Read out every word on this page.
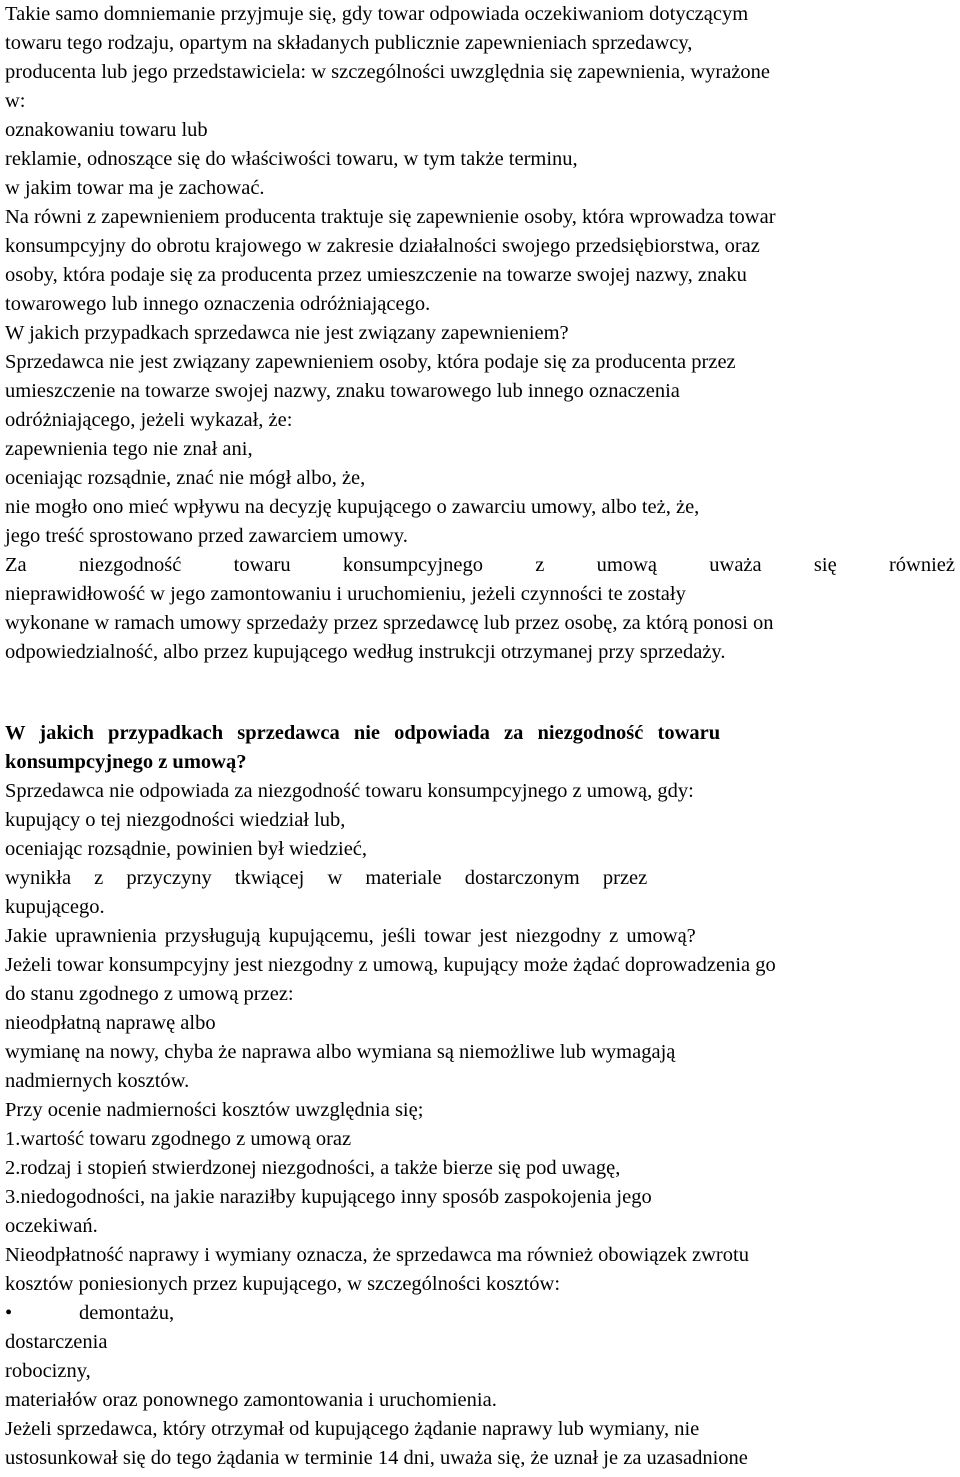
Takie samo domniemanie przyjmuje się, gdy towar odpowiada oczekiwaniom dotyczącym
towaru tego rodzaju, opartym na składanych publicznie zapewnieniach sprzedawcy,
producenta lub jego przedstawiciela: w szczególności uwzględnia się zapewnienia, wyrażone
w:
oznakowaniu towaru lub
reklamie, odnoszące się do właściwości towaru, w tym także terminu,
w jakim towar ma je zachować.
Na równi z zapewnieniem producenta traktuje się zapewnienie osoby, która wprowadza towar
konsumpcyjny do obrotu krajowego w zakresie działalności swojego przedsiębiorstwa, oraz
osoby, która podaje się za producenta przez umieszczenie na towarze swojej nazwy, znaku
towarowego lub innego oznaczenia odróżniającego.
W jakich przypadkach sprzedawca nie jest związany zapewnieniem?
Sprzedawca nie jest związany zapewnieniem osoby, która podaje się za producenta przez
umieszczenie na towarze swojej nazwy, znaku towarowego lub innego oznaczenia
odróżniającego, jeżeli wykazał, że:
zapewnienia tego nie znał ani,
oceniając rozsądnie, znać nie mógł albo, że,
nie mogło ono mieć wpływu na decyzję kupującego o zawarciu umowy, albo też, że,
jego treść sprostowano przed zawarciem umowy.
Za niezgodność towaru konsumpcyjnego z umową uważa się również
nieprawidłowość w jego zamontowaniu i uruchomieniu, jeżeli czynności te zostały
wykonane w ramach umowy sprzedaży przez sprzedawcę lub przez osobę, za którą ponosi on
odpowiedzialność, albo przez kupującego według instrukcji otrzymanej przy sprzedaży.
W jakich przypadkach sprzedawca nie odpowiada za niezgodność towaru
konsumpcyjnego z umową?
Sprzedawca nie odpowiada za niezgodność towaru konsumpcyjnego z umową, gdy:
kupujący o tej niezgodności wiedział lub,
oceniając rozsądnie, powinien był wiedzieć,
wynikła z przyczyny tkwiącej w materiale dostarczonym przez
kupującego.
Jakie uprawnienia przysługują kupującemu, jeśli towar jest niezgodny z umową?
Jeżeli towar konsumpcyjny jest niezgodny z umową, kupujący może żądać doprowadzenia go
do stanu zgodnego z umową przez:
nieodpłatną naprawę albo
wymianę na nowy, chyba że naprawa albo wymiana są niemożliwe lub wymagają
nadmiernych kosztów.
Przy ocenie nadmierności kosztów uwzględnia się;
1.wartość towaru zgodnego z umową oraz
2.rodzaj i stopień stwierdzonej niezgodności, a także bierze się pod uwagę,
3.niedogodności, na jakie naraziłby kupującego inny sposób zaspokojenia jego
oczekiwań.
Nieodpłatność naprawy i wymiany oznacza, że sprzedawca ma również obowiązek zwrotu
kosztów poniesionych przez kupującego, w szczególności kosztów:
•	demontażu,
dostarczenia
robocizny,
materiałów oraz ponownego zamontowania i uruchomienia.
Jeżeli sprzedawca, który otrzymał od kupującego żądanie naprawy lub wymiany, nie
ustosunkował się do tego żądania w terminie 14 dni, uważa się, że uznał je za uzasadnione
